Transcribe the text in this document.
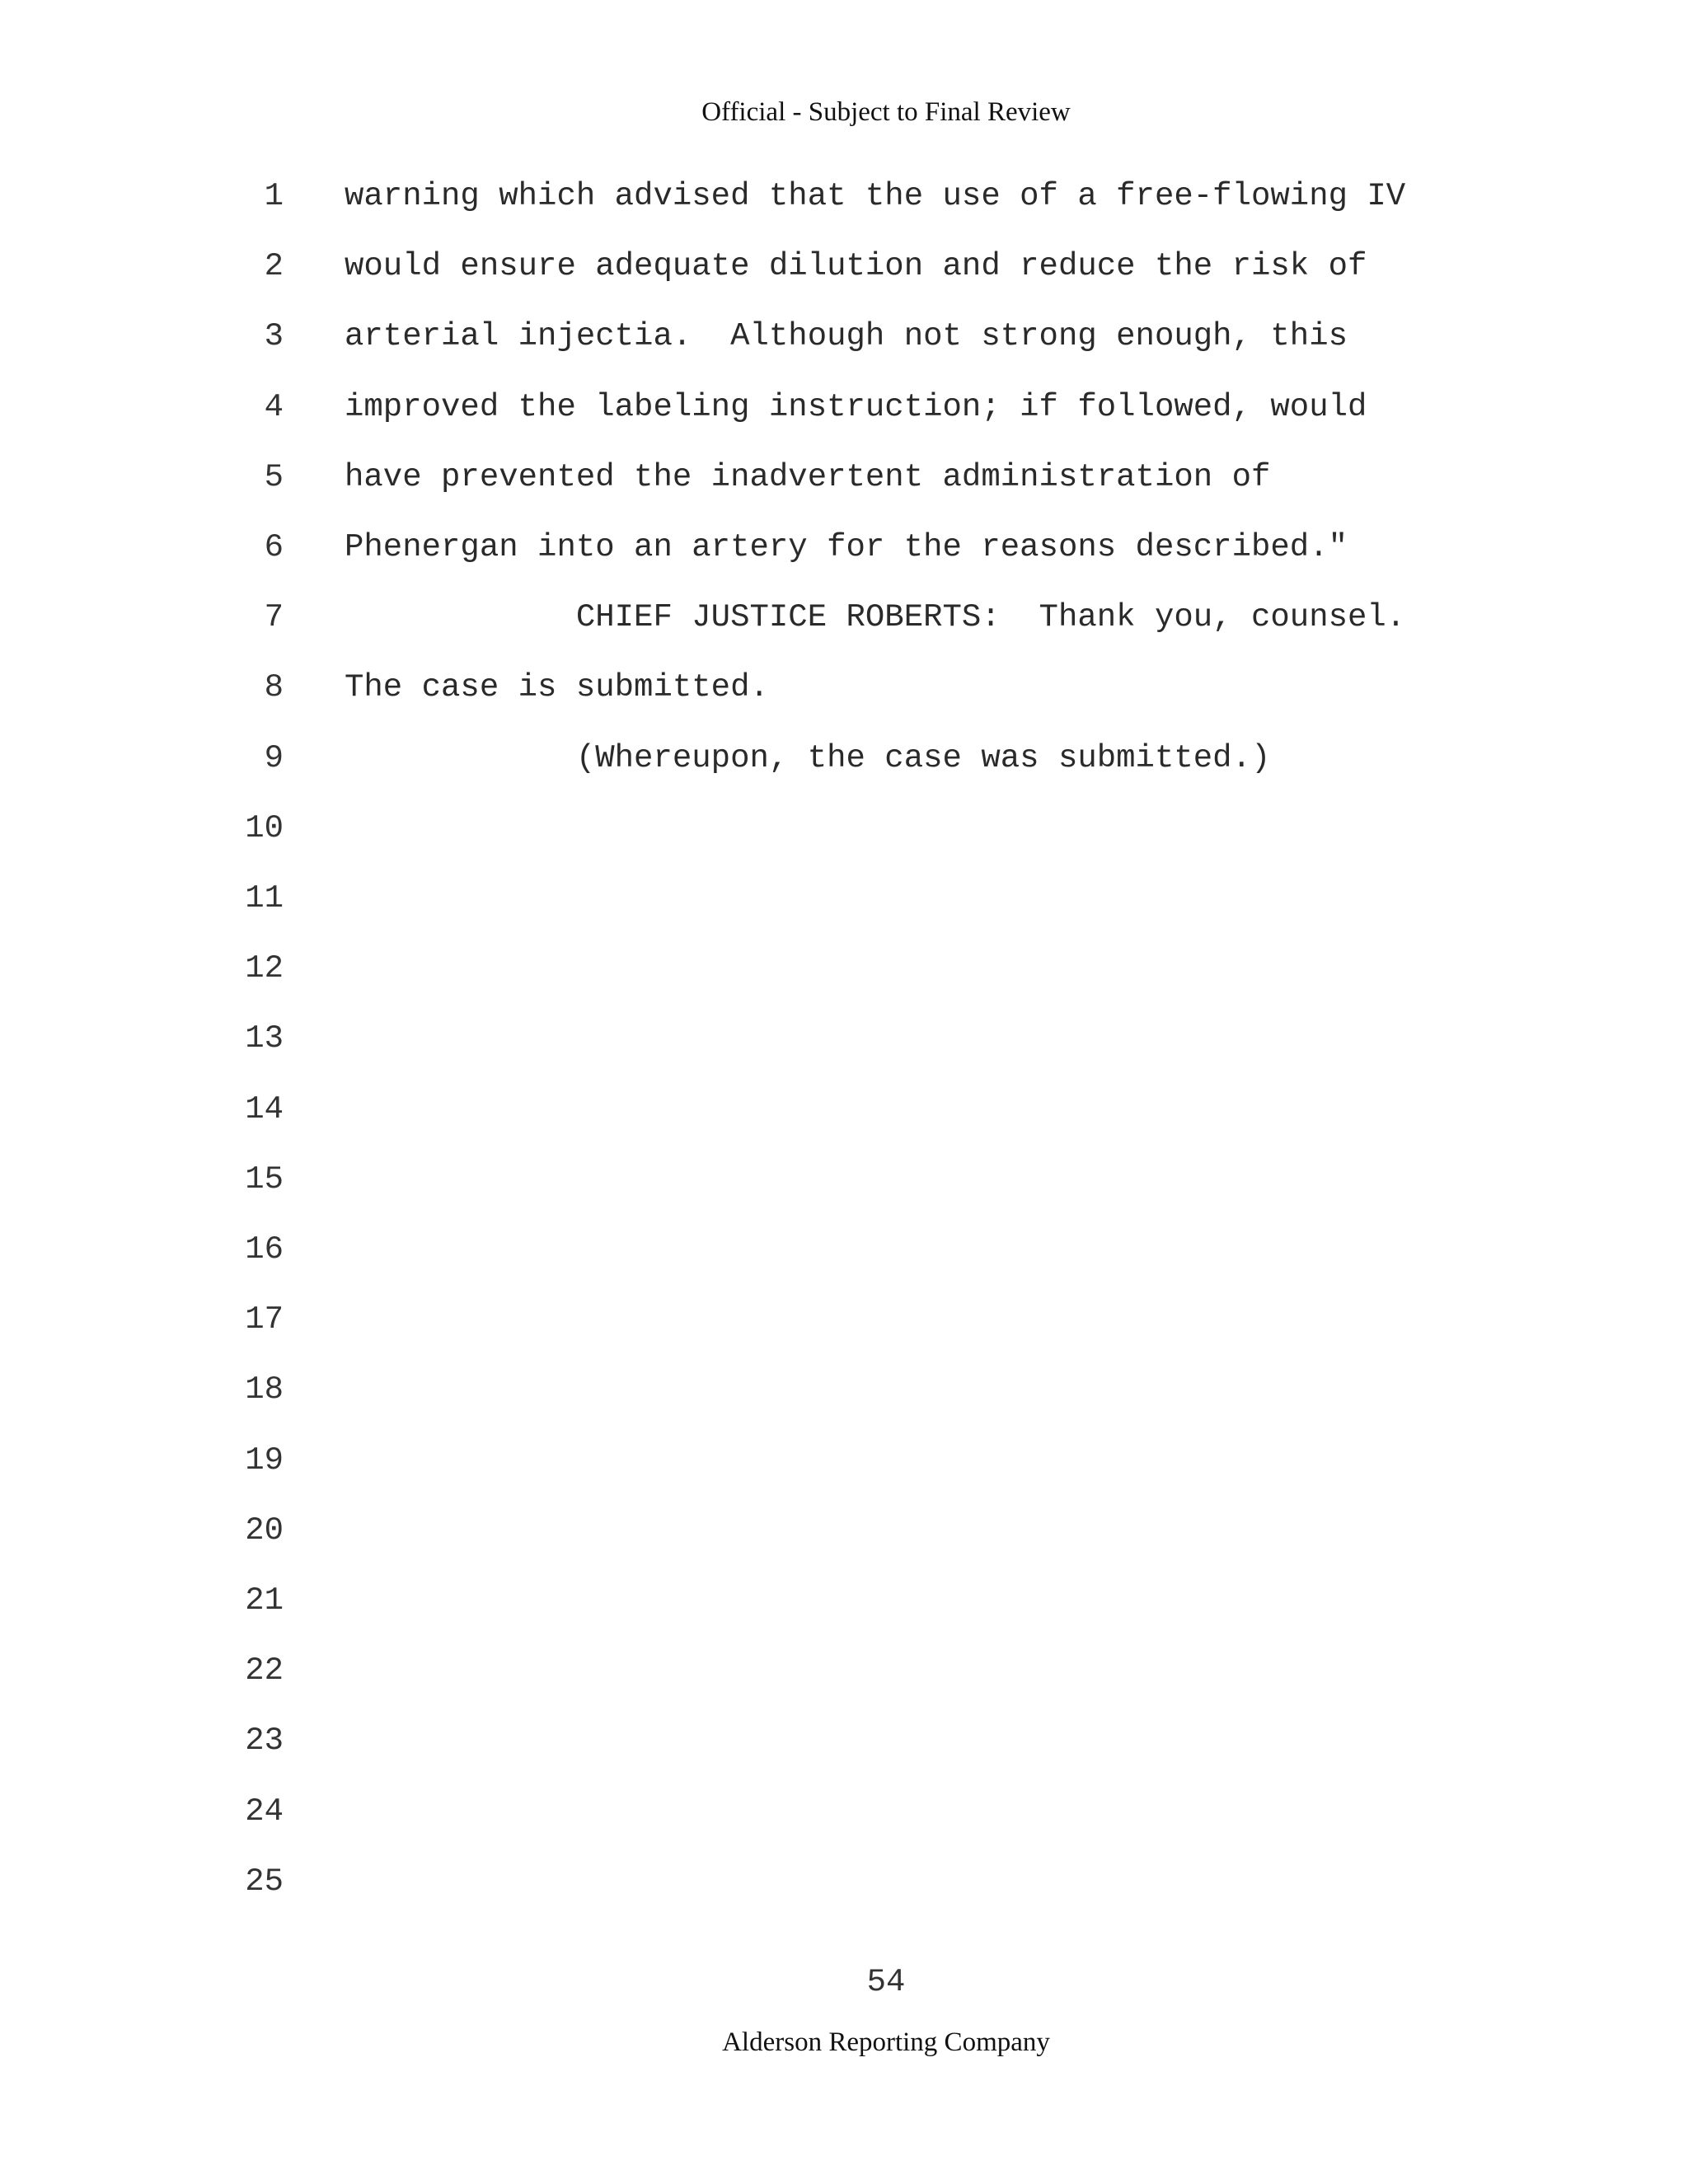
Official - Subject to Final Review
1 warning which advised that the use of a free-flowing IV
2 would ensure adequate dilution and reduce the risk of
3 arterial injectia.  Although not strong enough, this
4 improved the labeling instruction; if followed, would
5 have prevented the inadvertent administration of
6 Phenergan into an artery for the reasons described."
7 CHIEF JUSTICE ROBERTS:  Thank you, counsel.
8 The case is submitted.
9 (Whereupon, the case was submitted.)
10
11
12
13
14
15
16
17
18
19
20
21
22
23
24
25
54
Alderson Reporting Company
